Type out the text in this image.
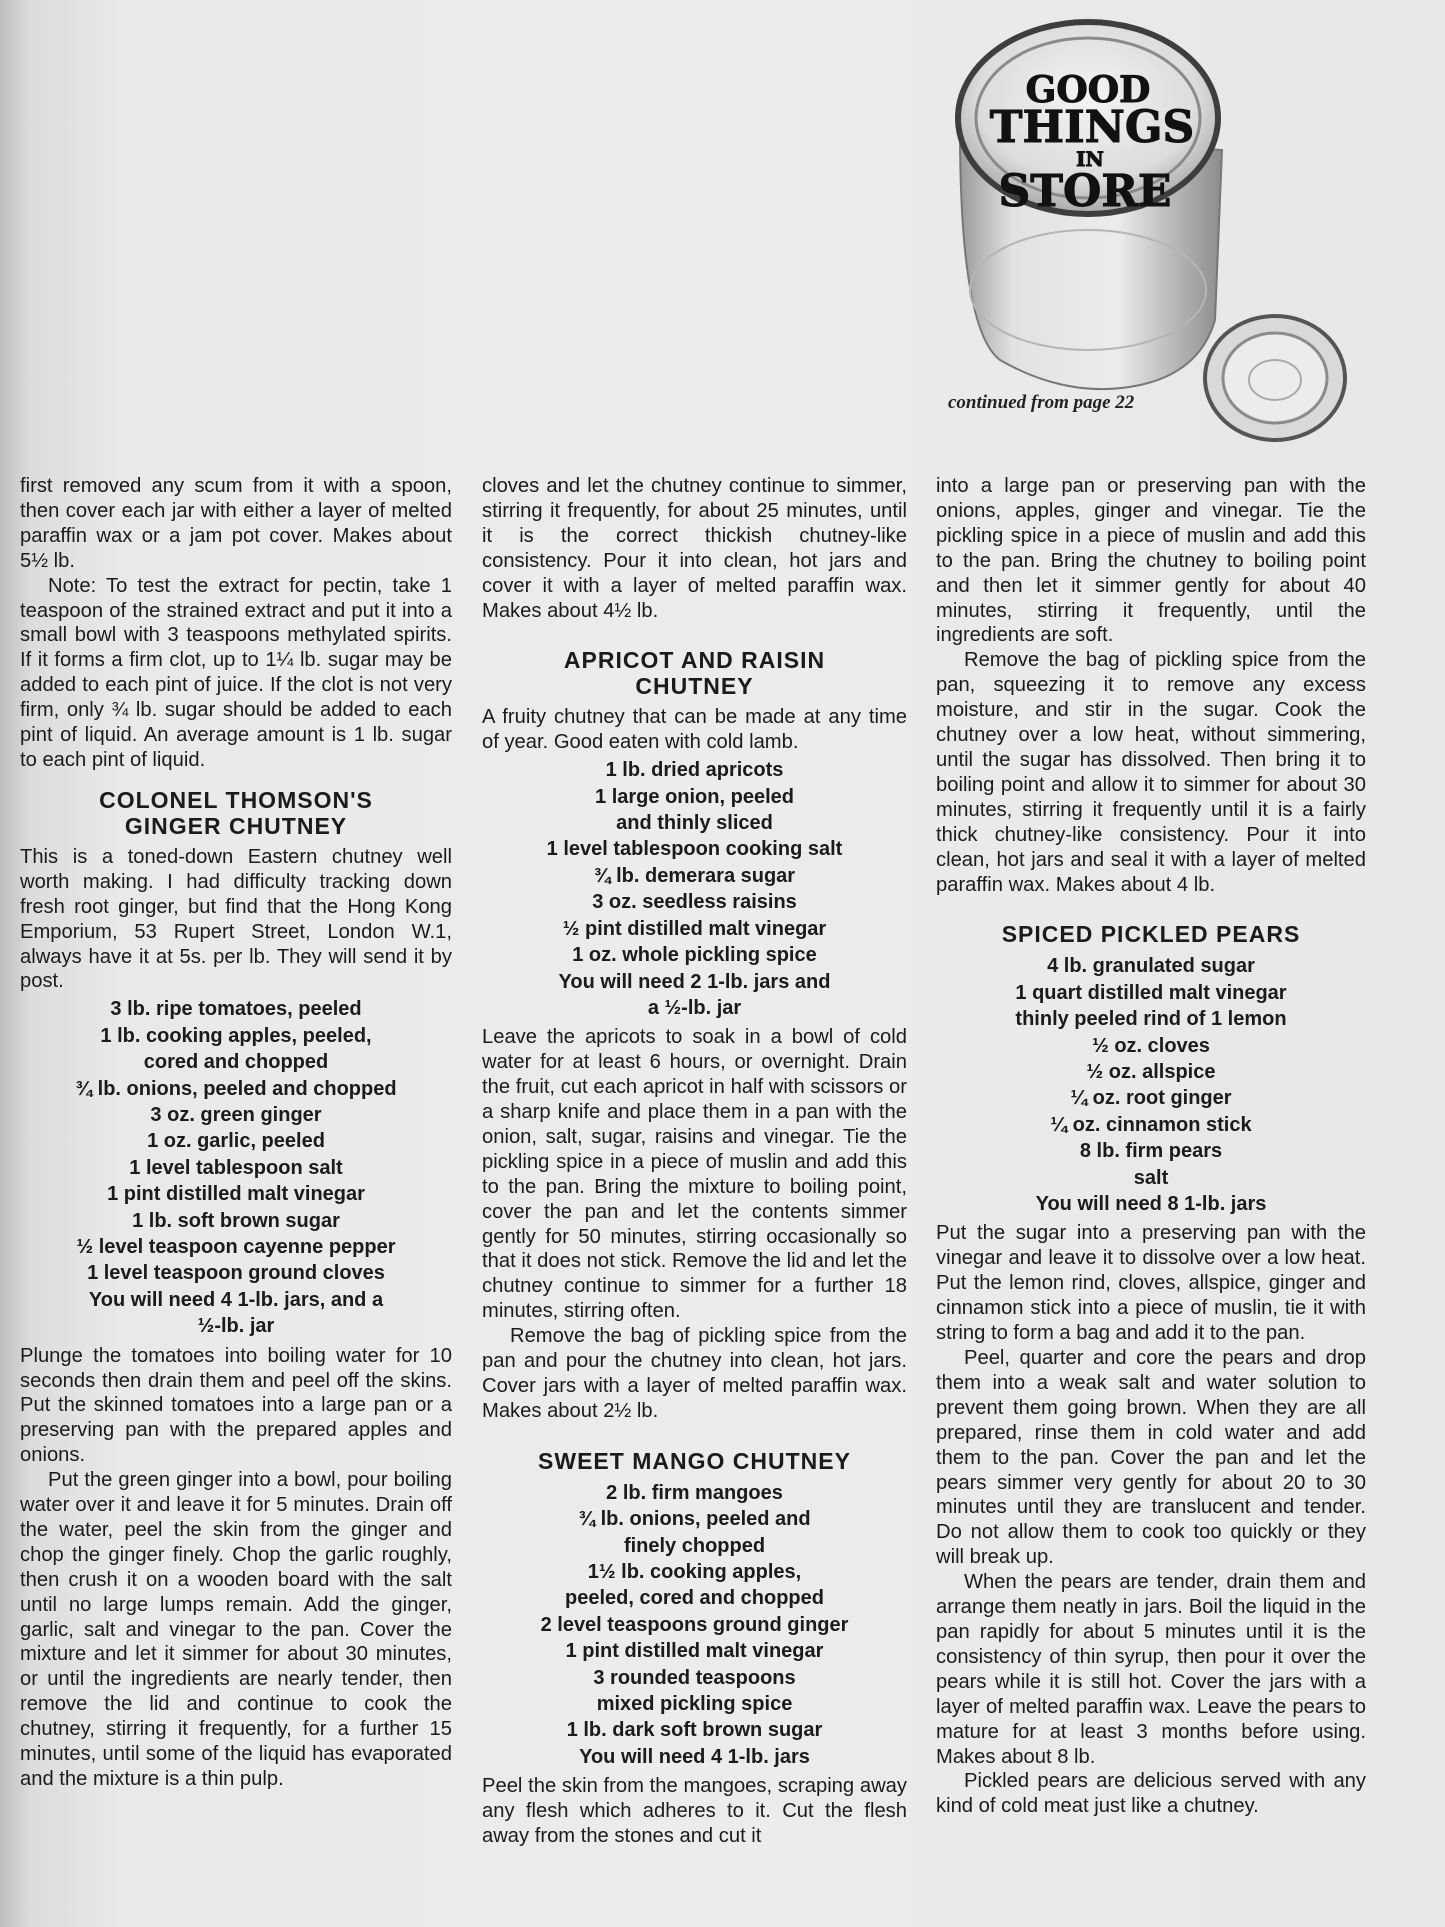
GOOD
THINGS
IN
STORE
continued from page 22

first removed any scum from it with a spoon, then cover each jar with either a layer of melted paraffin wax or a jam pot cover. Makes about 5½ lb.

Note: To test the extract for pectin, take 1 teaspoon of the strained extract and put it into a small bowl with 3 teaspoons methylated spirits. If it forms a firm clot, up to 1¼ lb. sugar may be added to each pint of juice. If the clot is not very firm, only ¾ lb. sugar should be added to each pint of liquid. An average amount is 1 lb. sugar to each pint of liquid.

COLONEL THOMSON'S
GINGER CHUTNEY

This is a toned-down Eastern chutney well worth making. I had difficulty tracking down fresh root ginger, but find that the Hong Kong Emporium, 53 Rupert Street, London W.1, always have it at 5s. per lb. They will send it by post.

3 lb. ripe tomatoes, peeled
1 lb. cooking apples, peeled,
cored and chopped
¾ lb. onions, peeled and chopped
3 oz. green ginger
1 oz. garlic, peeled
1 level tablespoon salt
1 pint distilled malt vinegar
1 lb. soft brown sugar
½ level teaspoon cayenne pepper
1 level teaspoon ground cloves
You will need 4 1-lb. jars, and a
½-lb. jar

Plunge the tomatoes into boiling water for 10 seconds then drain them and peel off the skins. Put the skinned tomatoes into a large pan or a preserving pan with the prepared apples and onions.

Put the green ginger into a bowl, pour boiling water over it and leave it for 5 minutes. Drain off the water, peel the skin from the ginger and chop the ginger finely. Chop the garlic roughly, then crush it on a wooden board with the salt until no large lumps remain. Add the ginger, garlic, salt and vinegar to the pan. Cover the mixture and let it simmer for about 30 minutes, or until the ingredients are nearly tender, then remove the lid and continue to cook the chutney, stirring it frequently, for a further 15 minutes, until some of the liquid has evaporated and the mixture is a thin pulp.

cloves and let the chutney continue to simmer, stirring it frequently, for about 25 minutes, until it is the correct thickish chutney-like consistency. Pour it into clean, hot jars and cover it with a layer of melted paraffin wax. Makes about 4½ lb.

APRICOT AND RAISIN
CHUTNEY

A fruity chutney that can be made at any time of year. Good eaten with cold lamb.

1 lb. dried apricots
1 large onion, peeled
and thinly sliced
1 level tablespoon cooking salt
¾ lb. demerara sugar
3 oz. seedless raisins
½ pint distilled malt vinegar
1 oz. whole pickling spice
You will need 2 1-lb. jars and
a ½-lb. jar

Leave the apricots to soak in a bowl of cold water for at least 6 hours, or overnight. Drain the fruit, cut each apricot in half with scissors or a sharp knife and place them in a pan with the onion, salt, sugar, raisins and vinegar. Tie the pickling spice in a piece of muslin and add this to the pan. Bring the mixture to boiling point, cover the pan and let the contents simmer gently for 50 minutes, stirring occasionally so that it does not stick. Remove the lid and let the chutney continue to simmer for a further 18 minutes, stirring often.

Remove the bag of pickling spice from the pan and pour the chutney into clean, hot jars. Cover jars with a layer of melted paraffin wax. Makes about 2½ lb.

SWEET MANGO CHUTNEY
2 lb. firm mangoes
¾ lb. onions, peeled and
finely chopped
1½ lb. cooking apples,
peeled, cored and chopped
2 level teaspoons ground ginger
1 pint distilled malt vinegar
3 rounded teaspoons
mixed pickling spice
1 lb. dark soft brown sugar
You will need 4 1-lb. jars

Peel the skin from the mangoes, scraping away any flesh which adheres to it. Cut the flesh away from the stones and cut it

into a large pan or preserving pan with the onions, apples, ginger and vinegar. Tie the pickling spice in a piece of muslin and add this to the pan. Bring the chutney to boiling point and then let it simmer gently for about 40 minutes, stirring it frequently, until the ingredients are soft.

Remove the bag of pickling spice from the pan, squeezing it to remove any excess moisture, and stir in the sugar. Cook the chutney over a low heat, without simmering, until the sugar has dissolved. Then bring it to boiling point and allow it to simmer for about 30 minutes, stirring it frequently until it is a fairly thick chutney-like consistency. Pour it into clean, hot jars and seal it with a layer of melted paraffin wax. Makes about 4 lb.

SPICED PICKLED PEARS
4 lb. granulated sugar
1 quart distilled malt vinegar
thinly peeled rind of 1 lemon
½ oz. cloves
½ oz. allspice
¼ oz. root ginger
¼ oz. cinnamon stick
8 lb. firm pears
salt
You will need 8 1-lb. jars

Put the sugar into a preserving pan with the vinegar and leave it to dissolve over a low heat. Put the lemon rind, cloves, allspice, ginger and cinnamon stick into a piece of muslin, tie it with string to form a bag and add it to the pan.

Peel, quarter and core the pears and drop them into a weak salt and water solution to prevent them going brown. When they are all prepared, rinse them in cold water and add them to the pan. Cover the pan and let the pears simmer very gently for about 20 to 30 minutes until they are translucent and tender. Do not allow them to cook too quickly or they will break up.

When the pears are tender, drain them and arrange them neatly in jars. Boil the liquid in the pan rapidly for about 5 minutes until it is the consistency of thin syrup, then pour it over the pears while it is still hot. Cover the jars with a layer of melted paraffin wax. Leave the pears to mature for at least 3 months before using. Makes about 8 lb.

Pickled pears are delicious served with any kind of cold meat just like a chutney.
